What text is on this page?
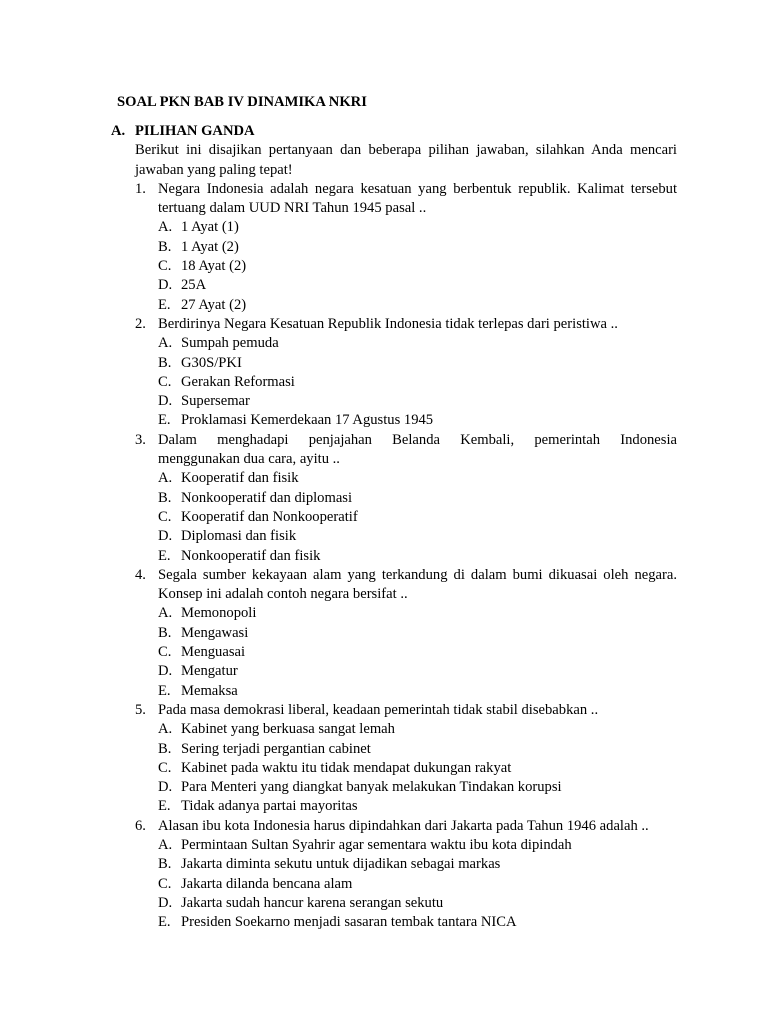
SOAL PKN BAB IV DINAMIKA NKRI
A. PILIHAN GANDA
Berikut ini disajikan pertanyaan dan beberapa pilihan jawaban, silahkan Anda mencari jawaban yang paling tepat!
1. Negara Indonesia adalah negara kesatuan yang berbentuk republik. Kalimat tersebut tertuang dalam UUD NRI Tahun 1945 pasal ..
A. 1 Ayat (1)
B. 1 Ayat (2)
C. 18 Ayat (2)
D. 25A
E. 27 Ayat (2)
2. Berdirinya Negara Kesatuan Republik Indonesia tidak terlepas dari peristiwa ..
A. Sumpah pemuda
B. G30S/PKI
C. Gerakan Reformasi
D. Supersemar
E. Proklamasi Kemerdekaan 17 Agustus 1945
3. Dalam menghadapi penjajahan Belanda Kembali, pemerintah Indonesia
menggunakan dua cara, ayitu ..
A. Kooperatif dan fisik
B. Nonkooperatif dan diplomasi
C. Kooperatif dan Nonkooperatif
D. Diplomasi dan fisik
E. Nonkooperatif dan fisik
4. Segala sumber kekayaan alam yang terkandung di dalam bumi dikuasai oleh negara. Konsep ini adalah contoh negara bersifat ..
A. Memonopoli
B. Mengawasi
C. Menguasai
D. Mengatur
E. Memaksa
5. Pada masa demokrasi liberal, keadaan pemerintah tidak stabil disebabkan ..
A. Kabinet yang berkuasa sangat lemah
B. Sering terjadi pergantian cabinet
C. Kabinet pada waktu itu tidak mendapat dukungan rakyat
D. Para Menteri yang diangkat banyak melakukan Tindakan korupsi
E. Tidak adanya partai mayoritas
6. Alasan ibu kota Indonesia harus dipindahkan dari Jakarta pada Tahun 1946 adalah ..
A. Permintaan Sultan Syahrir agar sementara waktu ibu kota dipindah
B. Jakarta diminta sekutu untuk dijadikan sebagai markas
C. Jakarta dilanda bencana alam
D. Jakarta sudah hancur karena serangan sekutu
E. Presiden Soekarno menjadi sasaran tembak tantara NICA
